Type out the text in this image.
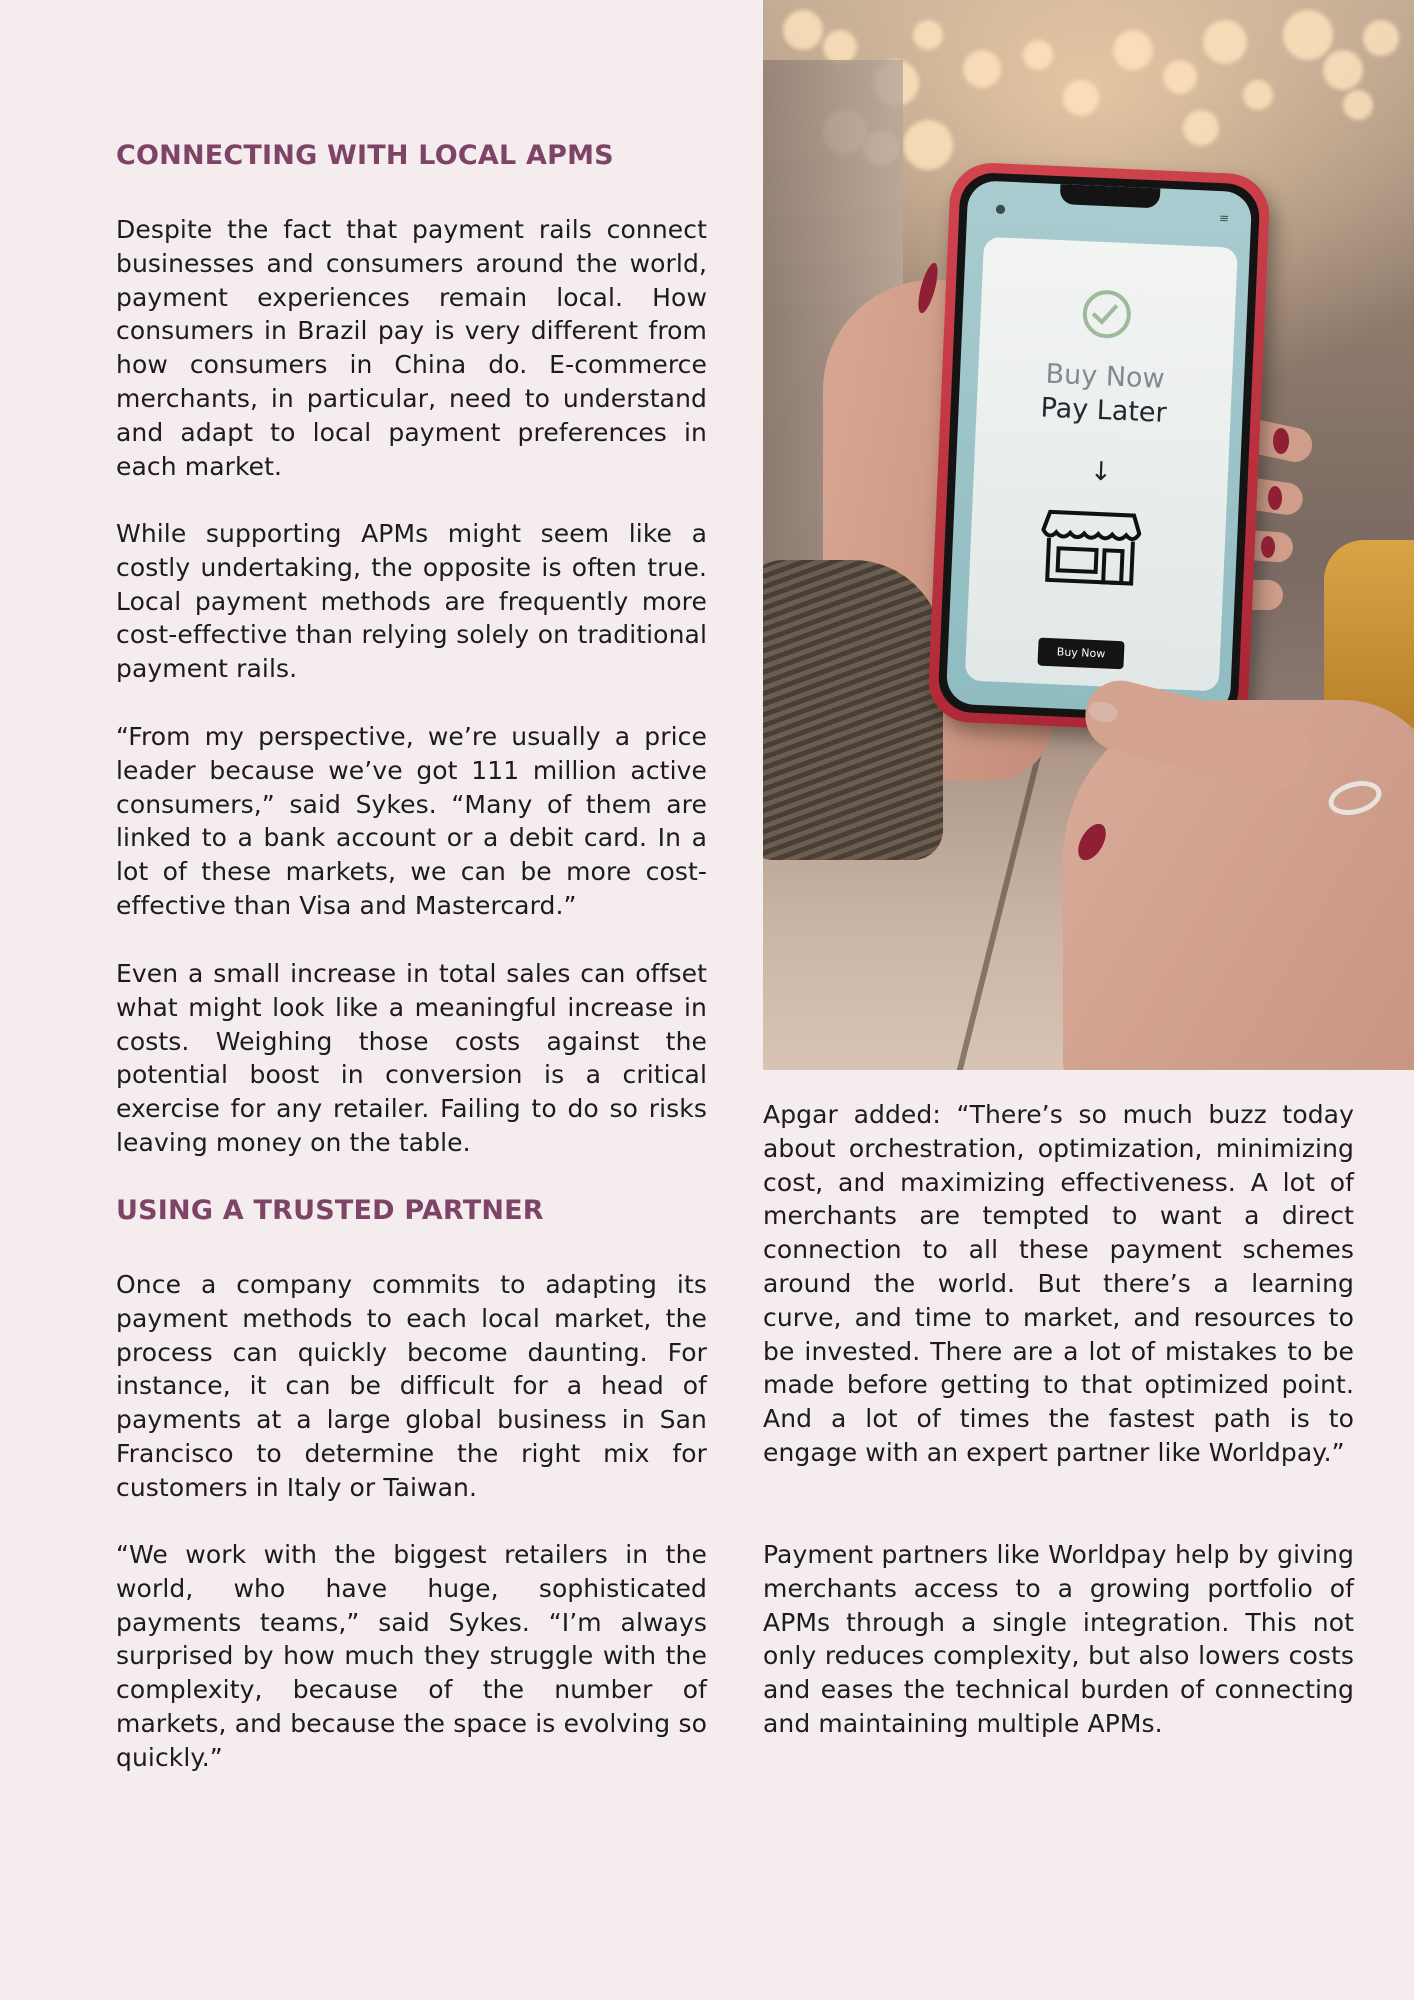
CONNECTING WITH LOCAL APMS

Despite the fact that payment rails connect businesses and consumers around the world, payment experiences remain local. How consumers in Brazil pay is very different from how consumers in China do. E-commerce merchants, in particular, need to understand and adapt to local payment preferences in each market.

While supporting APMs might seem like a costly undertaking, the opposite is often true. Local payment methods are frequently more cost-effective than relying solely on traditional payment rails.

“From my perspective, we’re usually a price leader because we’ve got 111 million active consumers,” said Sykes. “Many of them are linked to a bank account or a debit card. In a lot of these markets, we can be more cost-effective than Visa and Mastercard.”

Even a small increase in total sales can offset what might look like a meaningful increase in costs. Weighing those costs against the potential boost in conversion is a critical exercise for any retailer. Failing to do so risks leaving money on the table.

USING A TRUSTED PARTNER

Once a company commits to adapting its payment methods to each local market, the process can quickly become daunting. For instance, it can be difficult for a head of payments at a large global business in San Francisco to determine the right mix for customers in Italy or Taiwan.

“We work with the biggest retailers in the world, who have huge, sophisticated payments teams,” said Sykes. “I’m always surprised by how much they struggle with the complexity, because of the number of markets, and because the space is evolving so quickly.”

●
≡

Buy Now
Pay Later

↓
Buy Now

Apgar added: “There’s so much buzz today about orchestration, optimization, minimizing cost, and maximizing effectiveness. A lot of merchants are tempted to want a direct connection to all these payment schemes around the world. But there’s a learning curve, and time to market, and resources to be invested. There are a lot of mistakes to be made before getting to that optimized point. And a lot of times the fastest path is to engage with an expert partner like Worldpay.”

Payment partners like Worldpay help by giving merchants access to a growing portfolio of APMs through a single integration. This not only reduces complexity, but also lowers costs and eases the technical burden of connecting and maintaining multiple APMs.
